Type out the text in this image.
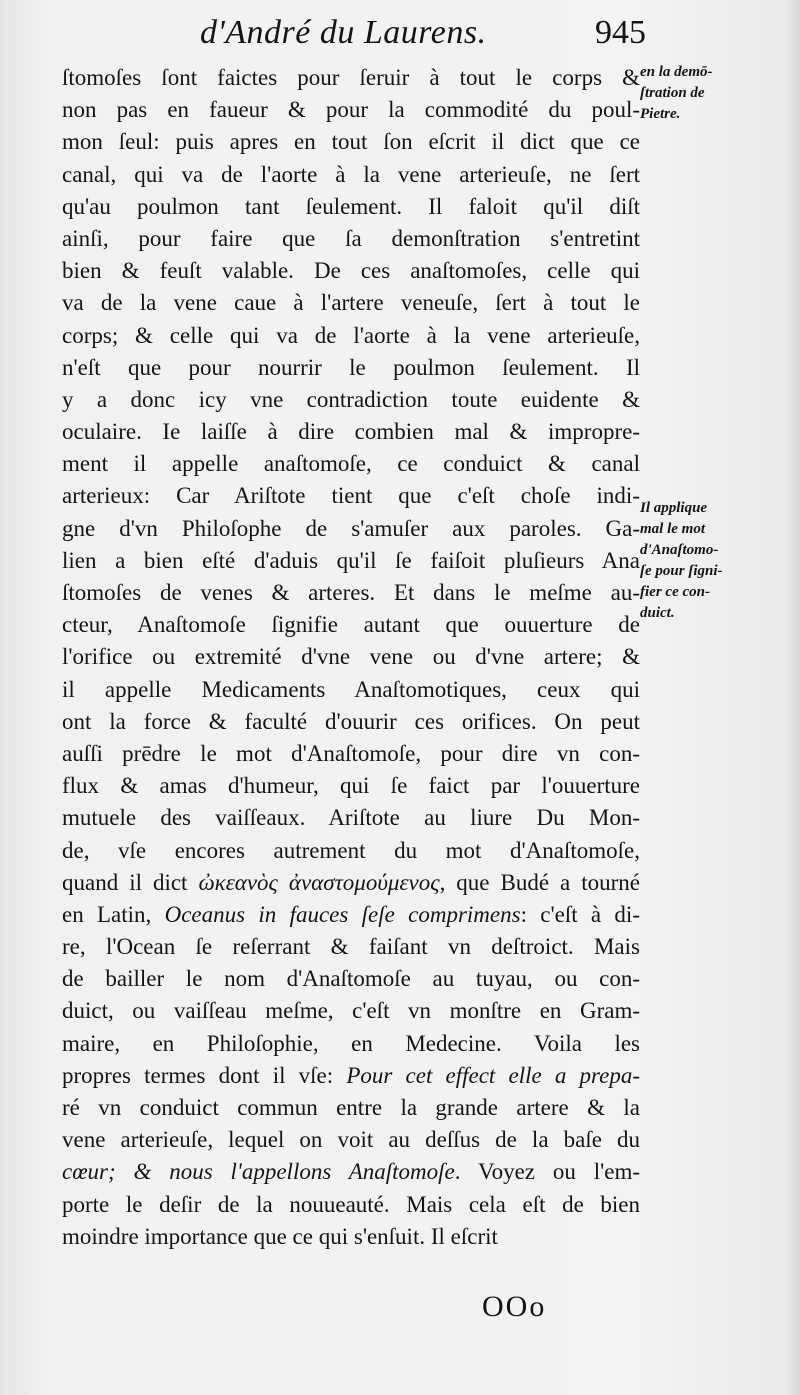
d'André du Laurens.	945
ſtomoſes ſont faictes pour ſeruir à tout le corps &
non pas en faueur & pour la commodité du poul-
mon ſeul: puis apres en tout ſon eſcrit il dict que ce
canal, qui va de l'aorte à la vene arterieuſe, ne ſert
qu'au poulmon tant ſeulement. Il faloit qu'il diſt
ainſi, pour faire que ſa demonſtration s'entretint
bien & feuſt valable. De ces anaſtomoſes, celle qui
va de la vene caue à l'artere veneuſe, ſert à tout le
corps; & celle qui va de l'aorte à la vene arterieuſe,
n'eſt que pour nourrir le poulmon ſeulement. Il
y a donc icy vne contradiction toute euidente &
oculaire. Ie laiſſe à dire combien mal & impropre-
ment il appelle anaſtomoſe, ce conduict & canal
arterieux: Car Ariſtote tient que c'eſt choſe indi-
gne d'vn Philoſophe de s'amuſer aux paroles. Ga-
lien a bien eſté d'aduis qu'il ſe faiſoit pluſieurs Ana
ſtomoſes de venes & arteres. Et dans le meſme au-
cteur, Anaſtomoſe ſignifie autant que ouuerture de
l'orifice ou extremité d'vne vene ou d'vne artere; &
il appelle Medicaments Anaſtomotiques, ceux qui
ont la force & faculté d'ouurir ces orifices. On peut
auſſi prēdre le mot d'Anaſtomoſe, pour dire vn con-
flux & amas d'humeur, qui ſe faict par l'ouuerture
mutuele des vaiſſeaux. Ariſtote au liure Du Mon-
de, vſe encores autrement du mot d'Anaſtomoſe,
quand il dict ὠκεανὸς ἀναστομούμενος, que Budé a tourné
en Latin, Oceanus in fauces ſeſe comprimens: c'eſt à di-
re, l'Ocean ſe reſerrant & faiſant vn deſtroict. Mais
de bailler le nom d'Anaſtomoſe au tuyau, ou con-
duict, ou vaiſſeau meſme, c'eſt vn monſtre en Gram-
maire, en Philoſophie, en Medecine. Voila les
propres termes dont il vſe: Pour cet effect elle a prepa-
ré vn conduict commun entre la grande artere & la
vene arterieuſe, lequel on voit au deſſus de la baſe du
cœur; & nous l'appellons Anaſtomoſe. Voyez ou l'em-
porte le deſir de la nouueauté. Mais cela eſt de bien
moindre importance que ce qui s'enſuit. Il eſcrit
en la demō-
ſtration de
Pietre.
Il applique
mal le mot
d'Anaſtomo-
ſe pour ſigni-
fier ce con-
duict.
OOo
